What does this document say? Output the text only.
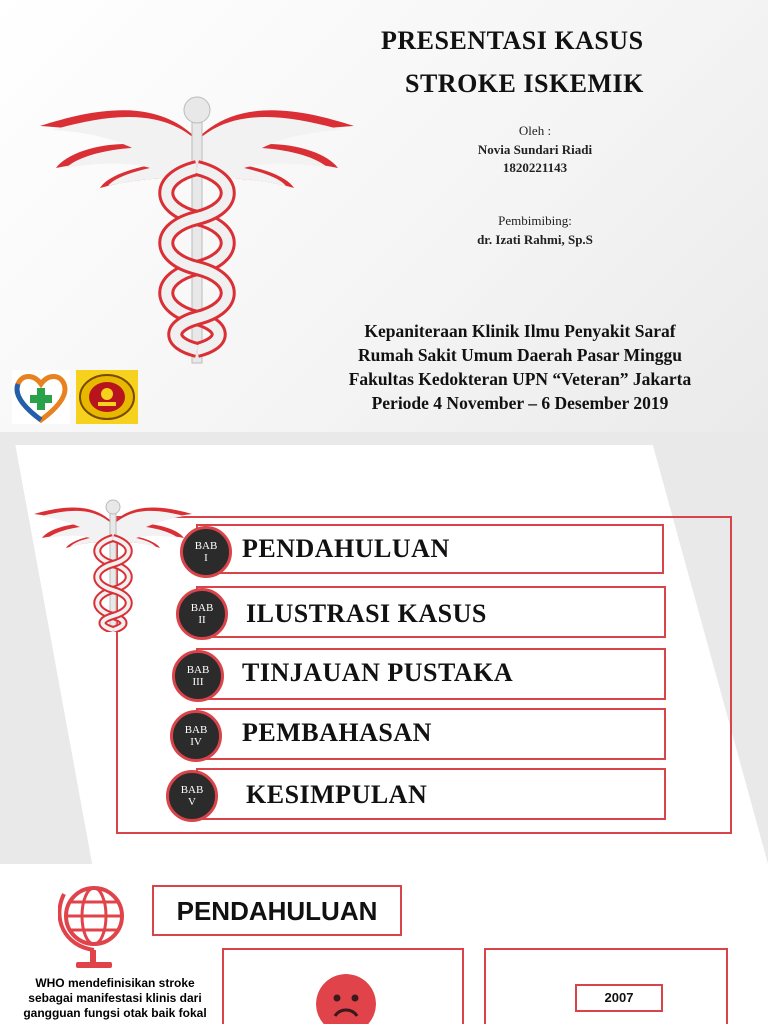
PRESENTASI KASUS
STROKE ISKEMIK
Oleh :
Novia Sundari Riadi
1820221143
Pembimibing:
dr. Izati Rahmi, Sp.S
Kepaniteraan Klinik Ilmu Penyakit Saraf
Rumah Sakit Umum Daerah Pasar Minggu
Fakultas Kedokteran UPN “Veteran” Jakarta
Periode 4 November – 6 Desember 2019
BAB
I PENDAHULUAN
BAB
II ILUSTRASI KASUS
BAB
III TINJAUAN PUSTAKA
BAB
IV PEMBAHASAN
BAB
V KESIMPULAN
PENDAHULUAN
WHO mendefinisikan stroke
sebagai manifestasi klinis dari
gangguan fungsi otak baik fokal
2007
